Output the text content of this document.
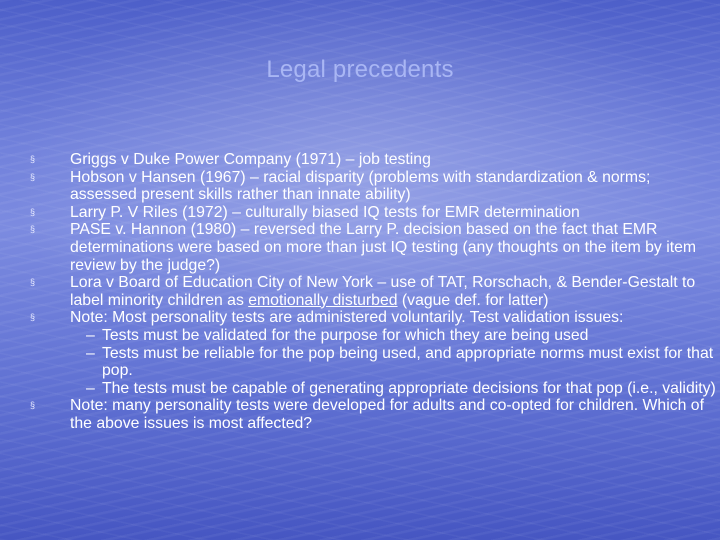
Legal precedents
§ Griggs v Duke Power Company (1971) – job testing
§ Hobson v Hansen (1967) – racial disparity (problems with standardization & norms; assessed present skills rather than innate ability)
§ Larry P. V Riles (1972) – culturally biased IQ tests for EMR determination
§ PASE v. Hannon (1980) – reversed the Larry P. decision based on the fact that EMR determinations were based on more than just IQ testing (any thoughts on the item by item review by the judge?)
§ Lora v Board of Education City of New York – use of TAT, Rorschach, & Bender-Gestalt to label minority children as emotionally disturbed (vague def. for latter)
§ Note: Most personality tests are administered voluntarily. Test validation issues:
– Tests must be validated for the purpose for which they are being used
– Tests must be reliable for the pop being used, and appropriate norms must exist for that pop.
– The tests must be capable of generating appropriate decisions for that pop (i.e., validity)
§ Note: many personality tests were developed for adults and co-opted for children. Which of the above issues is most affected?
